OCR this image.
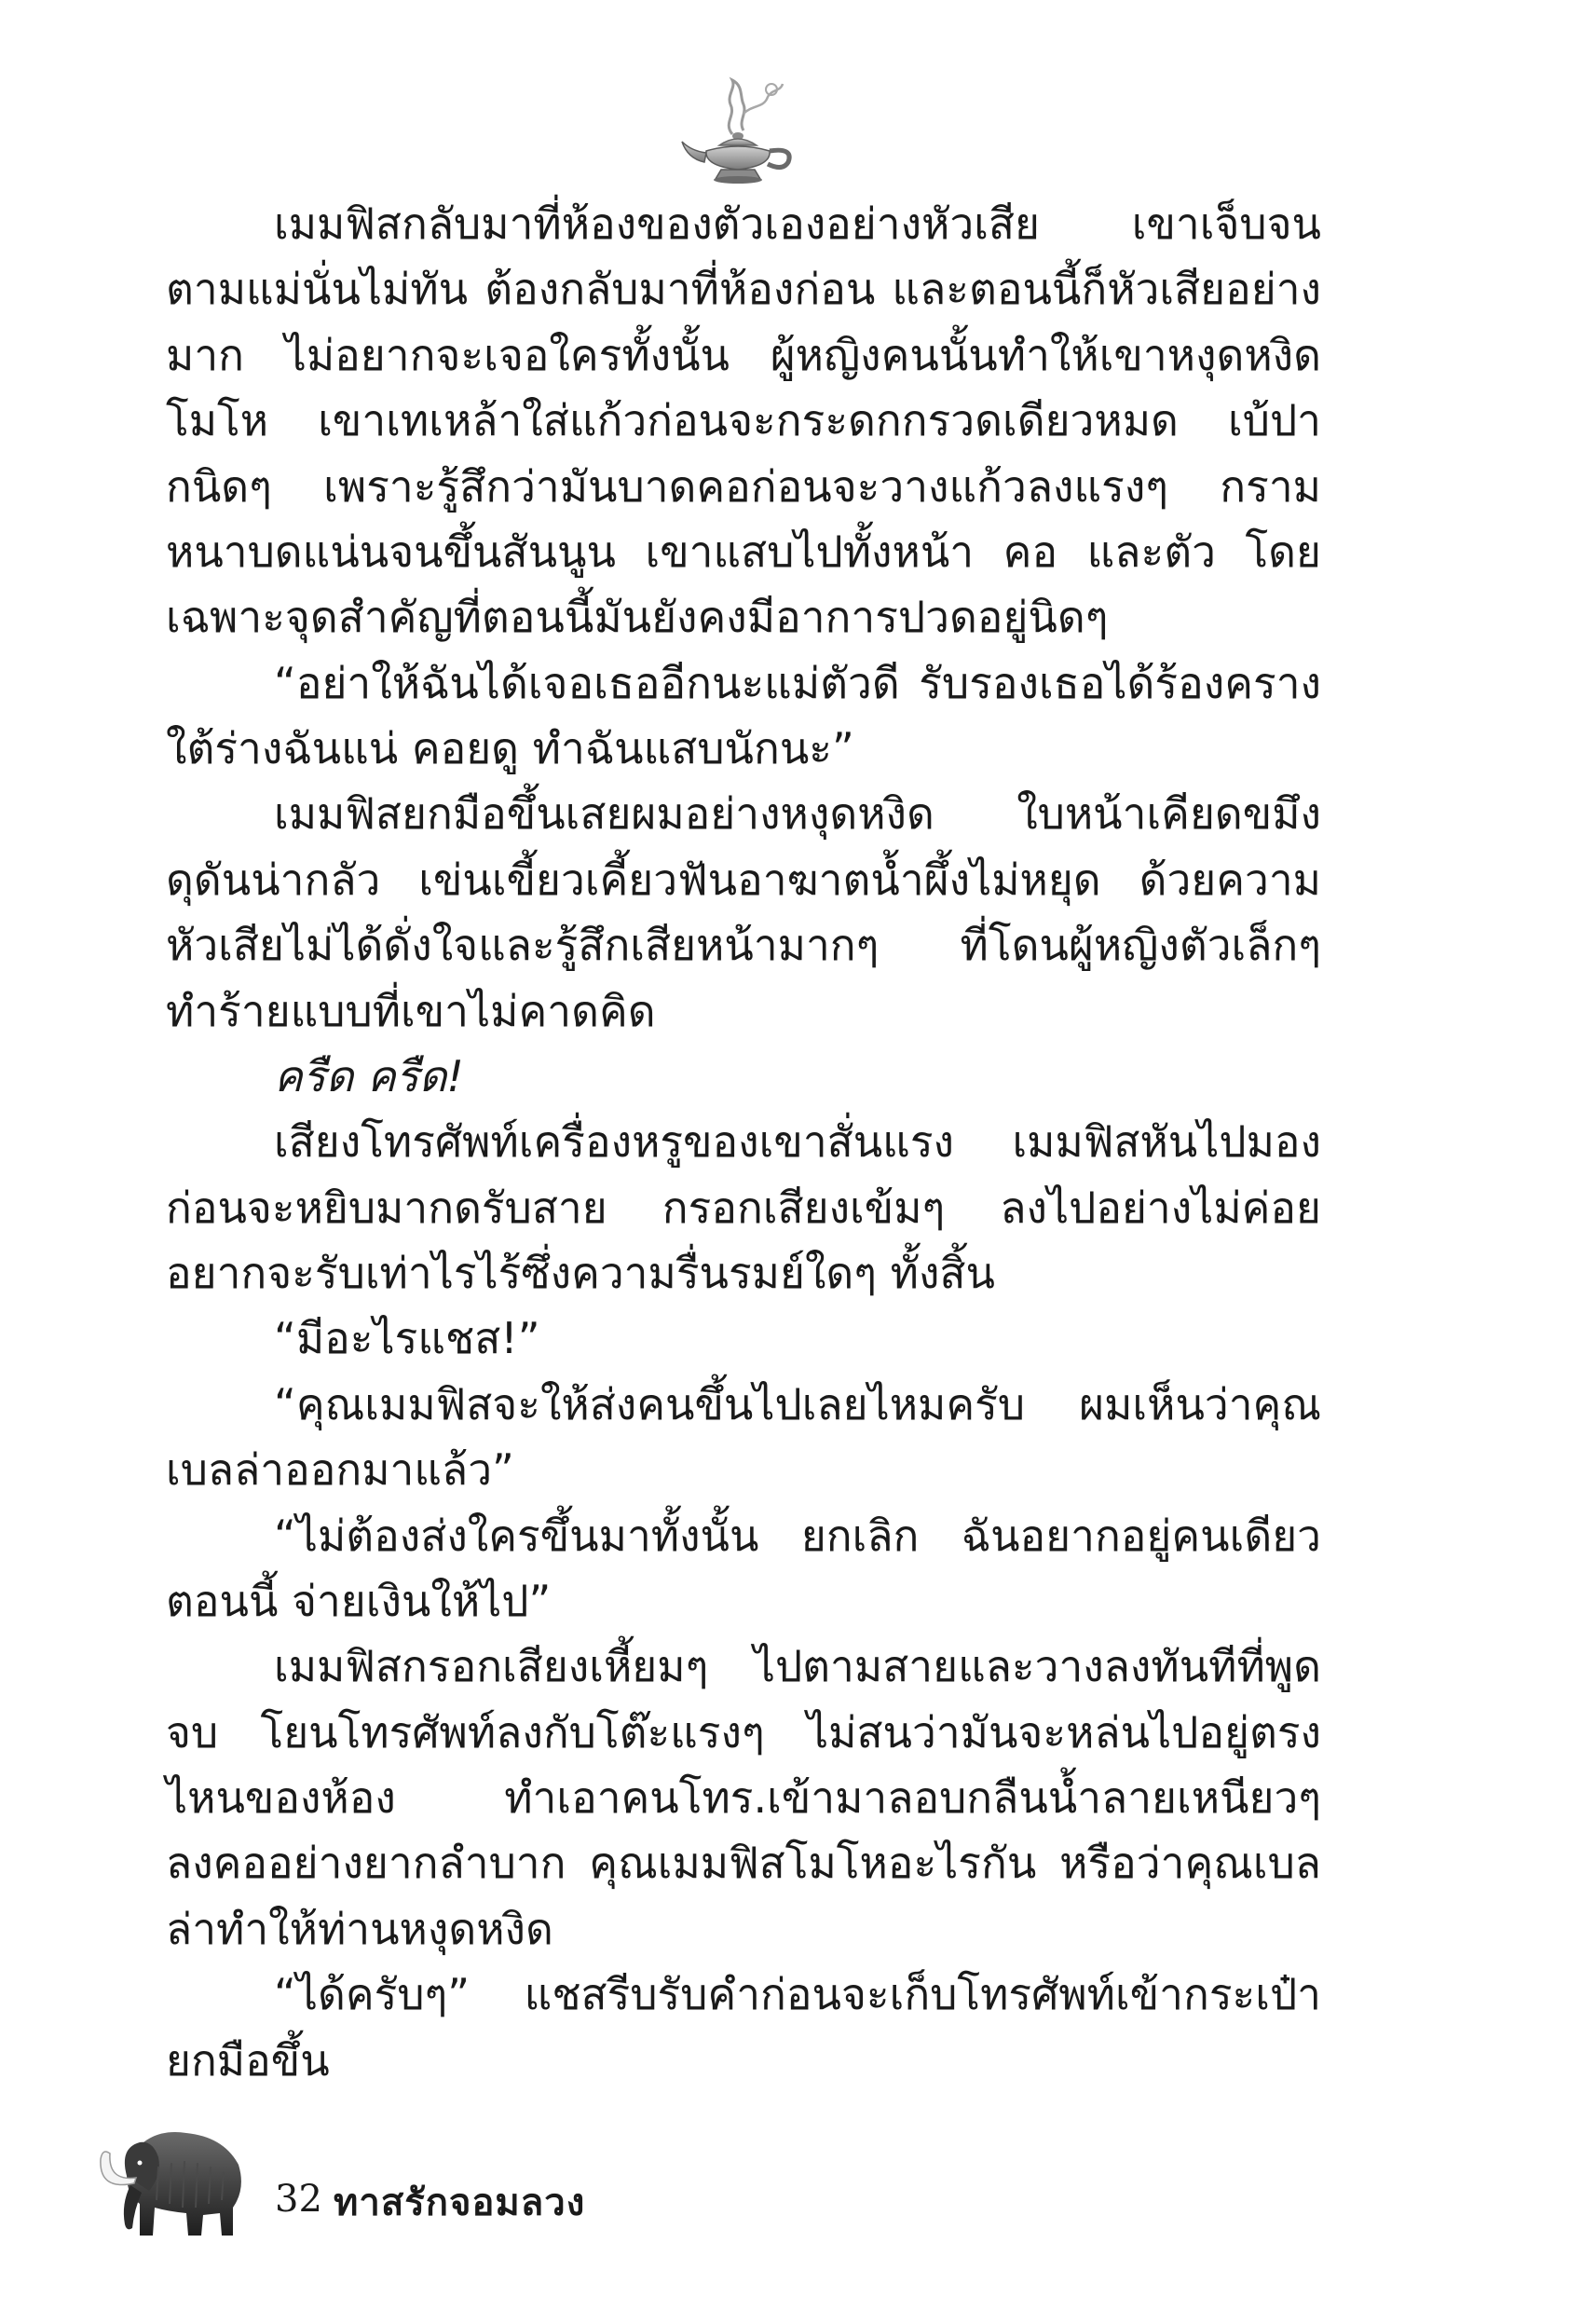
เมมฟิสกลับมาที่ห้องของตัวเองอย่างหัวเสีย เขาเจ็บจนตามแม่นั่นไม่ทัน ต้องกลับมาที่ห้องก่อน และตอนนี้ก็หัวเสียอย่างมาก ไม่อยากจะเจอใครทั้งนั้น ผู้หญิงคนนั้นทำให้เขาหงุดหงิดโมโห เขาเทเหล้าใส่แก้วก่อนจะกระดกกรวดเดียวหมด เบ้ปากนิดๆ เพราะรู้สึกว่ามันบาดคอก่อนจะวางแก้วลงแรงๆ กรามหนาบดแน่นจนขึ้นสันนูน เขาแสบไปทั้งหน้า คอ และตัว โดยเฉพาะจุดสำคัญที่ตอนนี้มันยังคงมีอาการปวดอยู่นิดๆ

“อย่าให้ฉันได้เจอเธออีกนะแม่ตัวดี รับรองเธอได้ร้องครางใต้ร่างฉันแน่ คอยดู ทำฉันแสบนักนะ”

เมมฟิสยกมือขึ้นเสยผมอย่างหงุดหงิด ใบหน้าเคียดขมึงดุดันน่ากลัว เข่นเขี้ยวเคี้ยวฟันอาฆาตน้ำผึ้งไม่หยุด ด้วยความหัวเสียไม่ได้ดั่งใจและรู้สึกเสียหน้ามากๆ ที่โดนผู้หญิงตัวเล็กๆ ทำร้ายแบบที่เขาไม่คาดคิด

ครืด ครืด!

เสียงโทรศัพท์เครื่องหรูของเขาสั่นแรง เมมฟิสหันไปมองก่อนจะหยิบมากดรับสาย กรอกเสียงเข้มๆ ลงไปอย่างไม่ค่อยอยากจะรับเท่าไรไร้ซึ่งความรื่นรมย์ใดๆ ทั้งสิ้น

“มีอะไรแชส!”

“คุณเมมฟิสจะให้ส่งคนขึ้นไปเลยไหมครับ ผมเห็นว่าคุณเบลล่าออกมาแล้ว”

“ไม่ต้องส่งใครขึ้นมาทั้งนั้น ยกเลิก ฉันอยากอยู่คนเดียวตอนนี้ จ่ายเงินให้ไป”

เมมฟิสกรอกเสียงเหี้ยมๆ ไปตามสายและวางลงทันทีที่พูดจบ โยนโทรศัพท์ลงกับโต๊ะแรงๆ ไม่สนว่ามันจะหล่นไปอยู่ตรงไหนของห้อง ทำเอาคนโทร.เข้ามาลอบกลืนน้ำลายเหนียวๆ ลงคออย่างยากลำบาก คุณเมมฟิสโมโหอะไรกัน หรือว่าคุณเบลล่าทำให้ท่านหงุดหงิด

“ได้ครับๆ” แชสรีบรับคำก่อนจะเก็บโทรศัพท์เข้ากระเป๋า ยกมือขึ้น

32 ทาสรักจอมลวง
